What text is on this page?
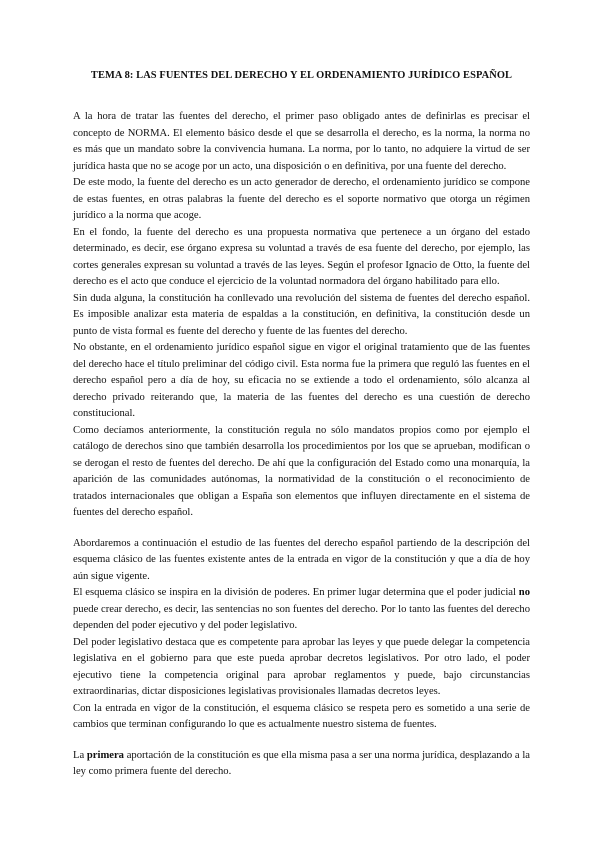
TEMA 8: LAS FUENTES DEL DERECHO Y EL ORDENAMIENTO JURÍDICO ESPAÑOL

A la hora de tratar las fuentes del derecho, el primer paso obligado antes de definirlas es precisar el concepto de NORMA. El elemento básico desde el que se desarrolla el derecho, es la norma, la norma no es más que un mandato sobre la convivencia humana. La norma, por lo tanto, no adquiere la virtud de ser jurídica hasta que no se acoge por un acto, una disposición o en definitiva, por una fuente del derecho.

De este modo, la fuente del derecho es un acto generador de derecho, el ordenamiento jurídico se compone de estas fuentes, en otras palabras la fuente del derecho es el soporte normativo que otorga un régimen jurídico a la norma que acoge.

En el fondo, la fuente del derecho es una propuesta normativa que pertenece a un órgano del estado determinado, es decir, ese órgano expresa su voluntad a través de esa fuente del derecho, por ejemplo, las cortes generales expresan su voluntad a través de las leyes. Según el profesor Ignacio de Otto, la fuente del derecho es el acto que conduce el ejercicio de la voluntad normadora del órgano habilitado para ello.

Sin duda alguna, la constitución ha conllevado una revolución del sistema de fuentes del derecho español. Es imposible analizar esta materia de espaldas a la constitución, en definitiva, la constitución desde un punto de vista formal es fuente del derecho y fuente de las fuentes del derecho.

No obstante, en el ordenamiento jurídico español sigue en vigor el original tratamiento que de las fuentes del derecho hace el título preliminar del código civil. Esta norma fue la primera que reguló las fuentes en el derecho español pero a día de hoy, su eficacia no se extiende a todo el ordenamiento, sólo alcanza al derecho privado reiterando que, la materia de las fuentes del derecho es una cuestión de derecho constitucional.

Como decíamos anteriormente, la constitución regula no sólo mandatos propios como por ejemplo el catálogo de derechos sino que también desarrolla los procedimientos por los que se aprueban, modifican o se derogan el resto de fuentes del derecho. De ahí que la configuración del Estado como una monarquía, la aparición de las comunidades autónomas, la normatividad de la constitución o el reconocimiento de tratados internacionales que obligan a España son elementos que influyen directamente en el sistema de fuentes del derecho español.

Abordaremos a continuación el estudio de las fuentes del derecho español partiendo de la descripción del esquema clásico de las fuentes existente antes de la entrada en vigor de la constitución y que a día de hoy aún sigue vigente.

El esquema clásico se inspira en la división de poderes. En primer lugar determina que el poder judicial no puede crear derecho, es decir, las sentencias no son fuentes del derecho. Por lo tanto las fuentes del derecho dependen del poder ejecutivo y del poder legislativo.

Del poder legislativo destaca que es competente para aprobar las leyes y que puede delegar la competencia legislativa en el gobierno para que este pueda aprobar decretos legislativos. Por otro lado, el poder ejecutivo tiene la competencia original para aprobar reglamentos y puede, bajo circunstancias extraordinarias, dictar disposiciones legislativas provisionales llamadas decretos leyes.

Con la entrada en vigor de la constitución, el esquema clásico se respeta pero es sometido a una serie de cambios que terminan configurando lo que es actualmente nuestro sistema de fuentes.

La primera aportación de la constitución es que ella misma pasa a ser una norma jurídica, desplazando a la ley como primera fuente del derecho.
